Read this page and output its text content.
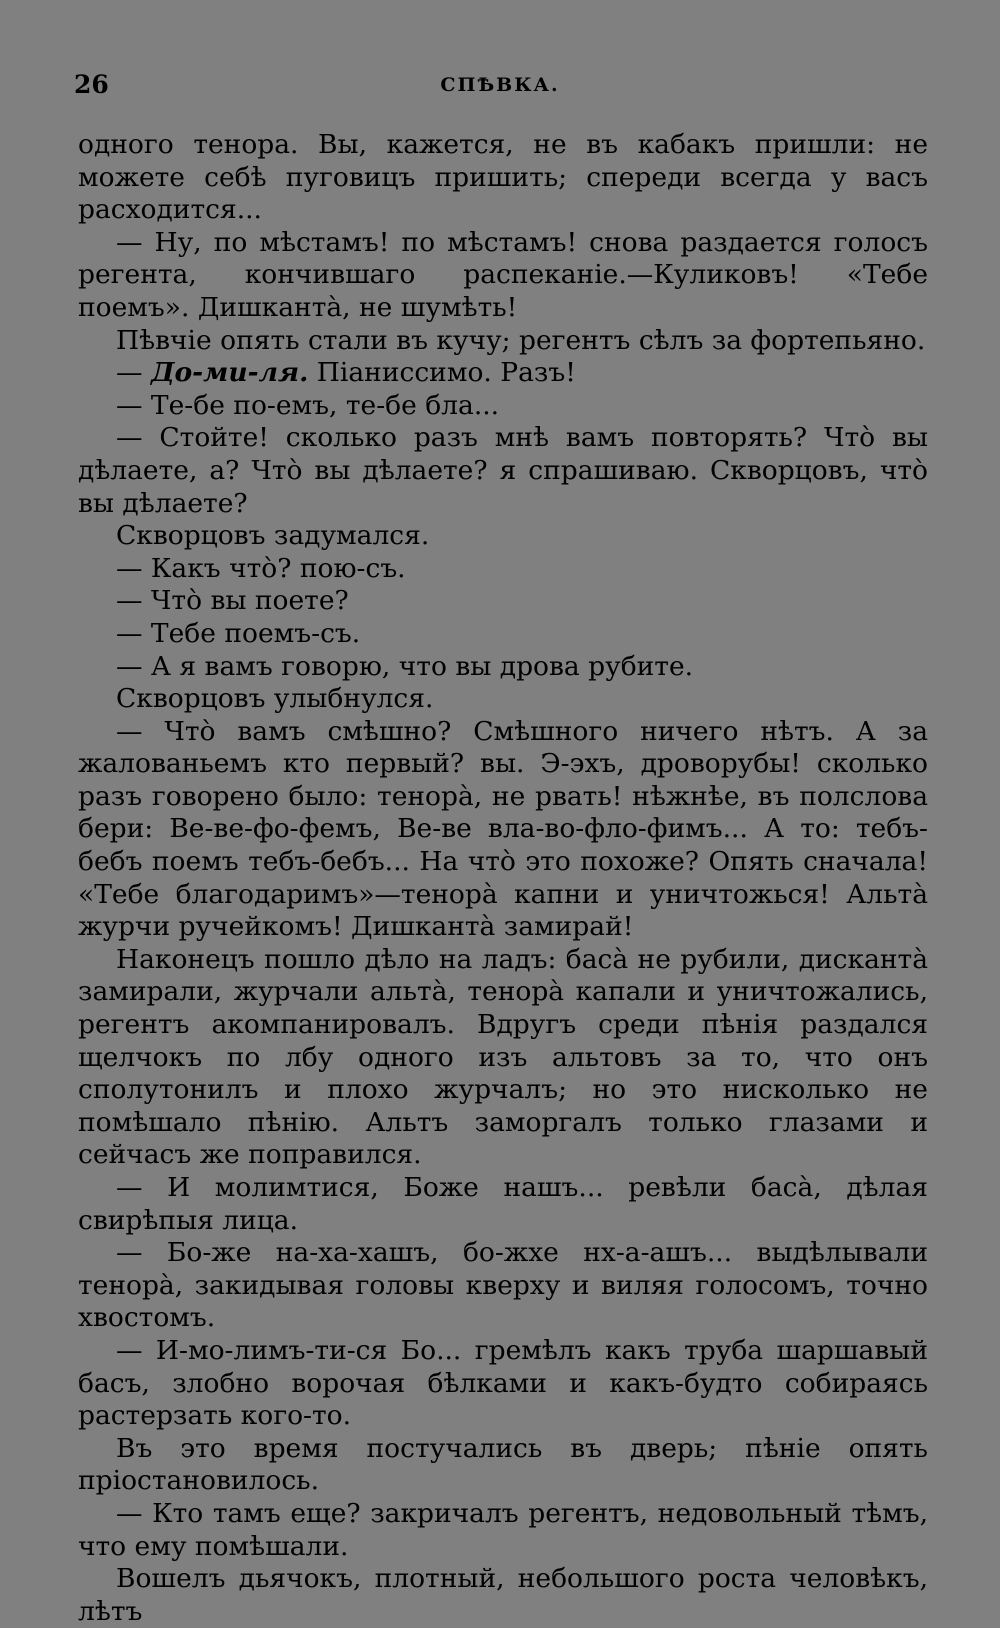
26	СПѢВКА.

одного тенора. Вы, кажется, не въ кабакъ пришли: не можете себѣ пуговицъ пришить; спереди всегда у васъ расходится...

— Ну, по мѣстамъ! по мѣстамъ! снова раздается голосъ регента, кончившаго распеканіе.—Куликовъ! «Тебе поемъ». Дишкантà, не шумѣть!

Пѣвчіе опять стали въ кучу; регентъ сѣлъ за фортепьяно.

— До-ми-ля. Піаниссимо. Разъ!

— Те-бе по-емъ, те-бе бла...

— Стойте! сколько разъ мнѣ вамъ повторять? Чтò вы дѣлаете, а? Чтò вы дѣлаете? я спрашиваю. Скворцовъ, чтò вы дѣлаете?

Скворцовъ задумался.

— Какъ чтò? пою-съ.

— Чтò вы поете?

— Тебе поемъ-съ.

— А я вамъ говорю, что вы дрова рубите.

Скворцовъ улыбнулся.

— Чтò вамъ смѣшно? Смѣшного ничего нѣтъ. А за жалованьемъ кто первый? вы. Э-эхъ, дроворубы! сколько разъ говорено было: тенорà, не рвать! нѣжнѣе, въ полслова бери: Ве-ве-фо-фемъ, Ве-ве вла-во-фло-фимъ... А то: тебъ-бебъ поемъ тебъ-бебъ... На чтò это похоже? Опять сначала! «Тебе благодаримъ»—тенорà капни и уничтожься! Альтà журчи ручейкомъ! Дишкантà замирай!

Наконецъ пошло дѣло на ладъ: басà не рубили, дискантà замирали, журчали альтà, тенорà капали и уничтожались, регентъ акомпанировалъ. Вдругъ среди пѣнія раздался щелчокъ по лбу одного изъ альтовъ за то, что онъ сполутонилъ и плохо журчалъ; но это нисколько не помѣшало пѣнію. Альтъ заморгалъ только глазами и сейчасъ же поправился.

— И молимтися, Боже нашъ... ревѣли басà, дѣлая свирѣпыя лица.

— Бо-же на-ха-хашъ, бо-жхе нх-а-ашъ... выдѣлывали тенорà, закидывая головы кверху и виляя голосомъ, точно хвостомъ.

— И-мо-лимъ-ти-ся Бо... гремѣлъ какъ труба шаршавый басъ, злобно ворочая бѣлками и какъ-будто собираясь растерзать кого-то.

Въ это время постучались въ дверь; пѣніе опять пріостановилось.

— Кто тамъ еще? закричалъ регентъ, недовольный тѣмъ, что ему помѣшали.

Вошелъ дьячокъ, плотный, небольшого роста человѣкъ, лѣтъ
